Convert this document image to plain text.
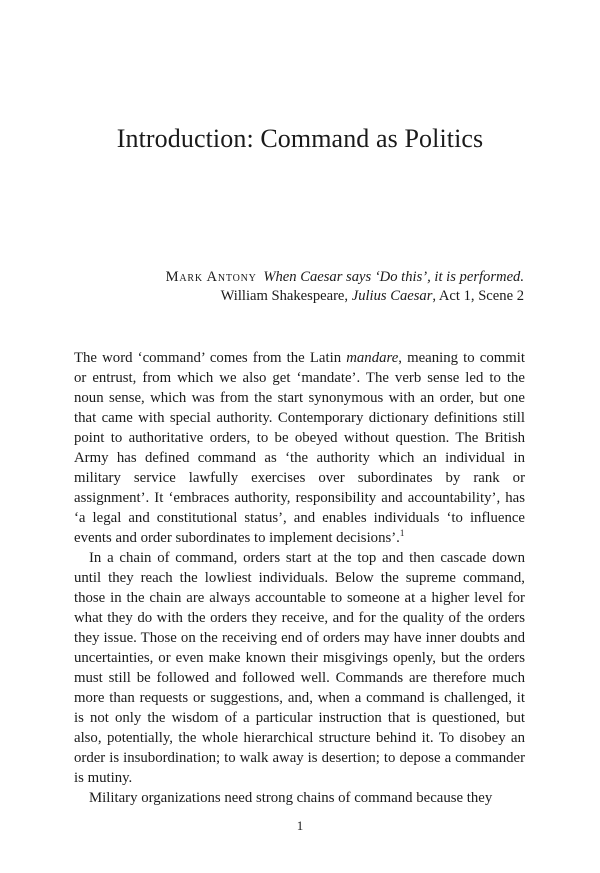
Introduction: Command as Politics
Mark Antony When Caesar says ‘Do this’, it is performed.
William Shakespeare, Julius Caesar, Act 1, Scene 2

The word ‘command’ comes from the Latin mandare, meaning to commit or entrust, from which we also get ‘mandate’. The verb sense led to the noun sense, which was from the start synonymous with an order, but one that came with special authority. Contemporary dictionary definitions still point to authoritative orders, to be obeyed without question. The British Army has defined command as ‘the authority which an individual in military service lawfully exercises over subordinates by rank or assignment’. It ‘embraces authority, responsibility and accountability’, has ‘a legal and constitutional status’, and enables individuals ‘to influence events and order subordinates to implement decisions’.$^1$

In a chain of command, orders start at the top and then cascade down until they reach the lowliest individuals. Below the supreme command, those in the chain are always accountable to someone at a higher level for what they do with the orders they receive, and for the quality of the orders they issue. Those on the receiving end of orders may have inner doubts and uncertainties, or even make known their misgivings openly, but the orders must still be followed and followed well. Commands are therefore much more than requests or suggestions, and, when a command is challenged, it is not only the wisdom of a particular instruction that is questioned, but also, potentially, the whole hierarchical structure behind it. To disobey an order is insubordination; to walk away is desertion; to depose a commander is mutiny.

Military organizations need strong chains of command because they

1
